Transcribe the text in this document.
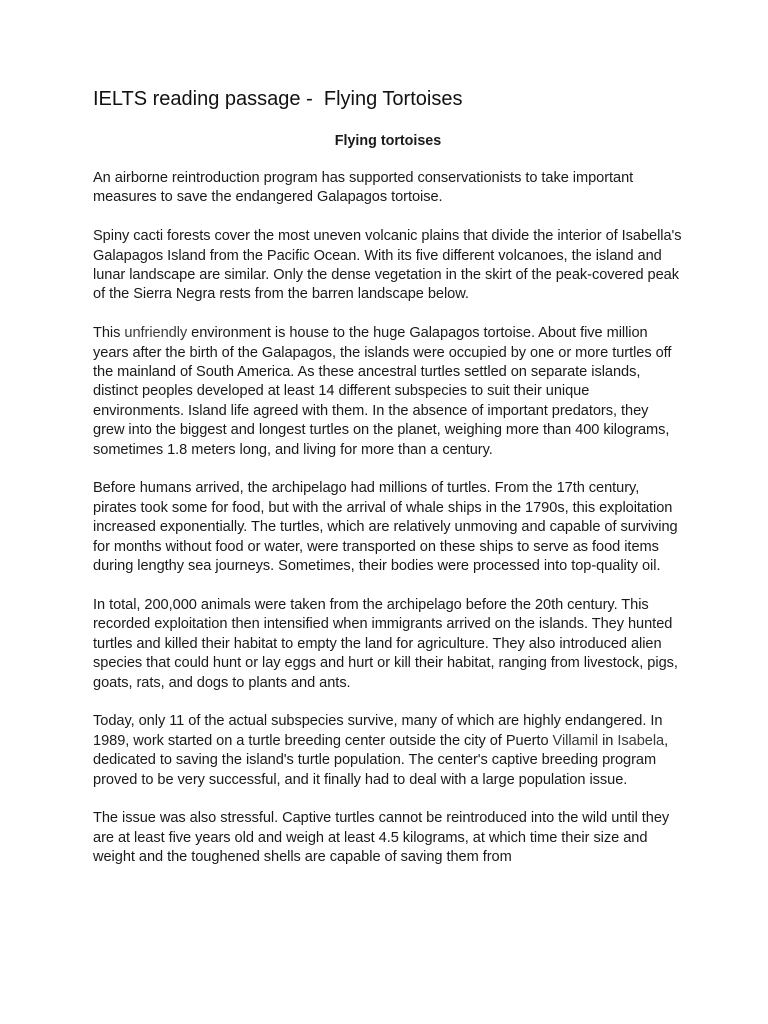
IELTS reading passage -  Flying Tortoises
Flying tortoises

An airborne reintroduction program has supported conservationists to take important measures to save the endangered Galapagos tortoise.

Spiny cacti forests cover the most uneven volcanic plains that divide the interior of Isabella's Galapagos Island from the Pacific Ocean. With its five different volcanoes, the island and lunar landscape are similar. Only the dense vegetation in the skirt of the peak-covered peak of the Sierra Negra rests from the barren landscape below.

This unfriendly environment is house to the huge Galapagos tortoise. About five million years after the birth of the Galapagos, the islands were occupied by one or more turtles off the mainland of South America. As these ancestral turtles settled on separate islands, distinct peoples developed at least 14 different subspecies to suit their unique environments. Island life agreed with them. In the absence of important predators, they grew into the biggest and longest turtles on the planet, weighing more than 400 kilograms, sometimes 1.8 meters long, and living for more than a century.

Before humans arrived, the archipelago had millions of turtles. From the 17th century, pirates took some for food, but with the arrival of whale ships in the 1790s, this exploitation increased exponentially. The turtles, which are relatively unmoving and capable of surviving for months without food or water, were transported on these ships to serve as food items during lengthy sea journeys. Sometimes, their bodies were processed into top-quality oil.

In total, 200,000 animals were taken from the archipelago before the 20th century. This recorded exploitation then intensified when immigrants arrived on the islands. They hunted turtles and killed their habitat to empty the land for agriculture. They also introduced alien species that could hunt or lay eggs and hurt or kill their habitat, ranging from livestock, pigs, goats, rats, and dogs to plants and ants.

Today, only 11 of the actual subspecies survive, many of which are highly endangered. In 1989, work started on a turtle breeding center outside the city of Puerto Villamil in Isabela, dedicated to saving the island's turtle population. The center's captive breeding program proved to be very successful, and it finally had to deal with a large population issue.

The issue was also stressful. Captive turtles cannot be reintroduced into the wild until they are at least five years old and weigh at least 4.5 kilograms, at which time their size and weight and the toughened shells are capable of saving them from
